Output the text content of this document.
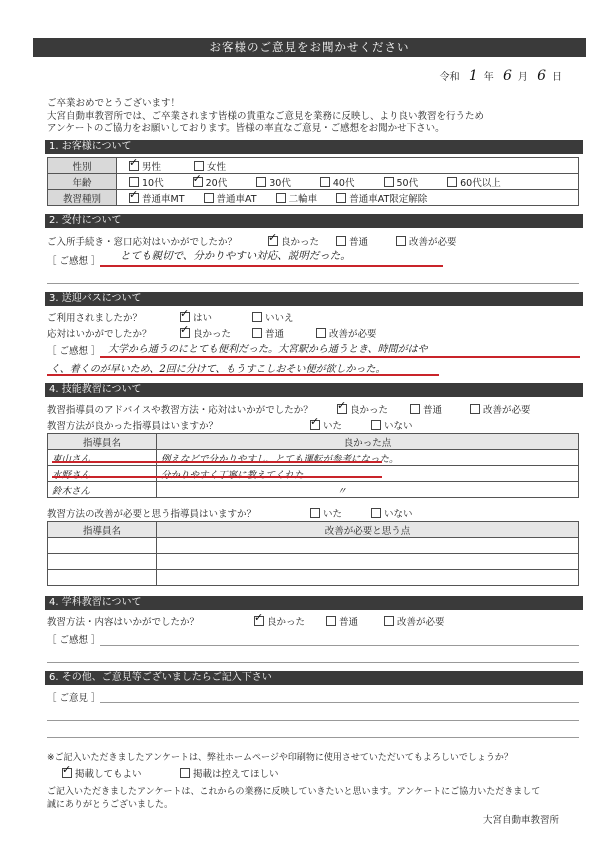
お客様のご意見をお聞かせください
令和 1 年 6 月 6 日
ご卒業おめでとうございます！
大宮自動車教習所では、ご卒業されます皆様の貴重なご意見を業務に反映し、より良い教習を行うため
アンケートのご協力をお願いしております。皆様の率直なご意見・ご感想をお聞かせ下さい。
1. お客様について
性別	✓男性 女性
年齢	10代 ✓ 20代 30代 40代 50代 60代以上
教習種別	✓普通車MT 普通車AT 二輪車 普通車AT限定解除
2. 受付について
ご入所手続き・窓口応対はいかがでしたか？ ✓	良かった	普通	改善が必要
［ ご感想 ］ とても親切で、分かりやすい対応、説明だった。
3. 送迎バスについて
ご利用されましたか？ ✓	はい	いいえ
応対はいかがでしたか？ ✓	良かった	普通	改善が必要
［ ご感想 ］ 大学から通うのにとても便利だった。大宮駅から通うとき、時間がはや
く、着くのが早いため、2回に分けて、もうすこしおそい便が欲しかった。
4. 技能教習について
教習指導員のアドバイスや教習方法・応対はいかがでしたか？ ✓	良かった	普通	改善が必要
教習方法が良かった指導員はいますか？ ✓	いた	いない
指導員名	良かった点
東山さん	例えなどで分かりやすし、とても運転が参考になった。
水野さん	分かりやすく丁寧に教えてくれた
鈴木さん	〃
教習方法の改善が必要と思う指導員はいますか？	いた	いない
指導員名	改善が必要と思う点

4. 学科教習について
教習方法・内容はいかがでしたか？ ✓	良かった	普通	改善が必要
［ ご感想 ］
6. その他、ご意見等ございましたらご記入下さい
［ ご意見 ］
※ご記入いただきましたアンケートは、弊社ホームページや印刷物に使用させていただいてもよろしいでしょうか？
✓掲載してもよい	掲載は控えてほしい
ご記入いただきましたアンケートは、これからの業務に反映していきたいと思います。アンケートにご協力いただきまして
誠にありがとうございました。
大宮自動車教習所
